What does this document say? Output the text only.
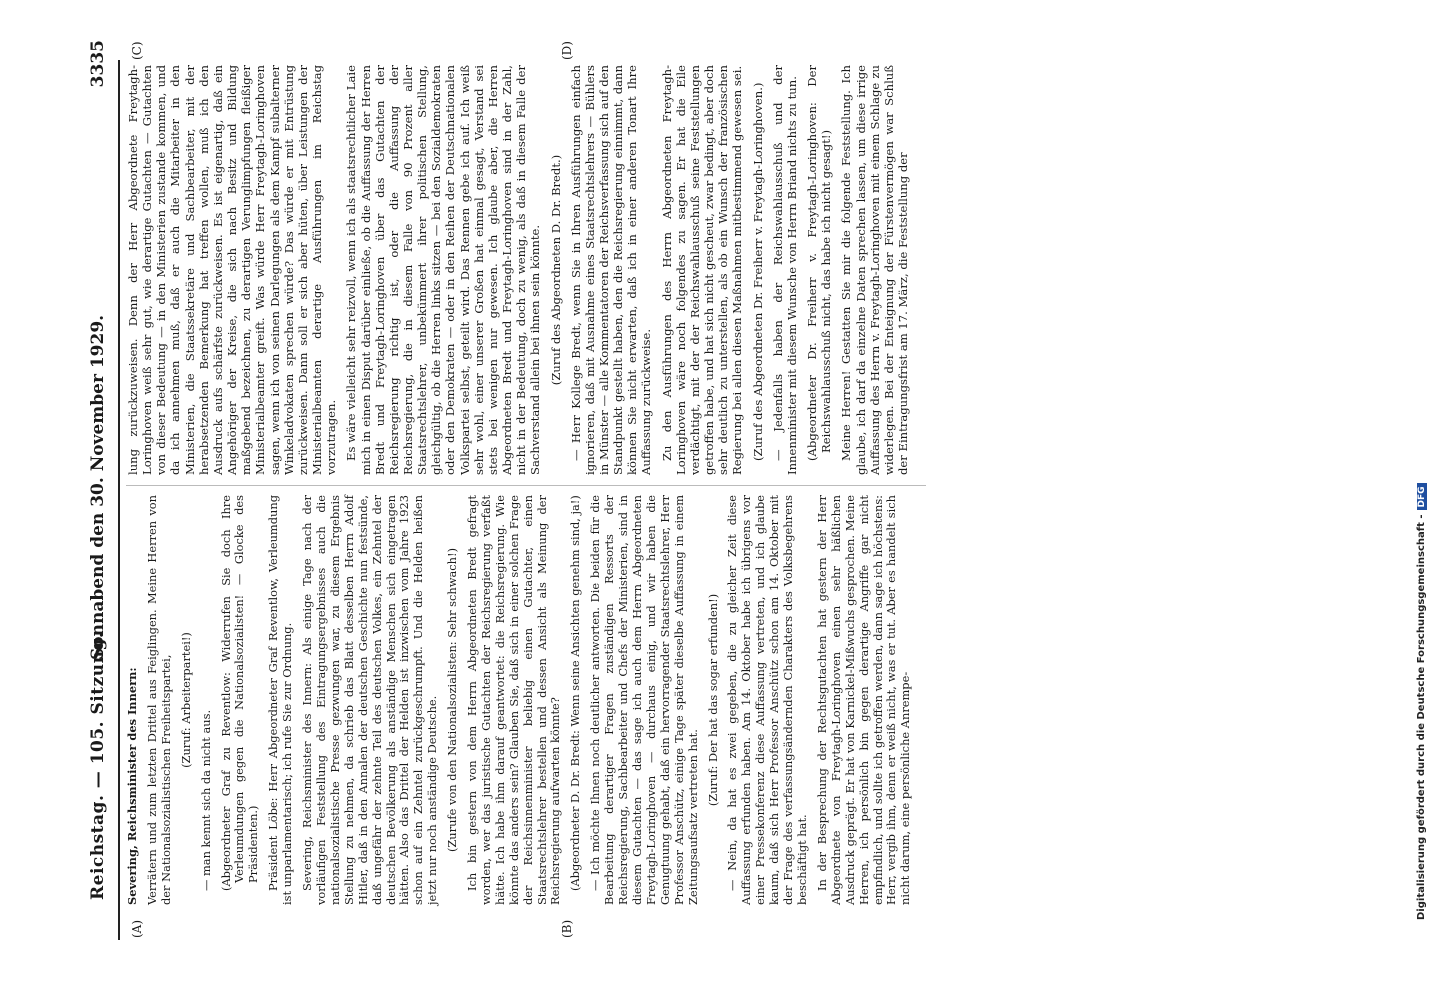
Reichstag. — 105. Sitzung.
Sonnabend den 30. November 1929.
3335
(A)	(B)
(C)	(D)

Severing, Reichsminister des Innern: Verrätern und zum letzten Drittel aus Feiglingen. Meine Herren von der Nationalsozialistischen Freiheitspartei, (Zuruf: Arbeiterpartei!)

— man kennt sich da nicht aus. (Abgeordneter Graf zu Reventlow: Widerrufen Sie doch Ihre Verleumdungen gegen die Nationalsozialisten! — Glocke des Präsidenten.) Präsident Löbe: Herr Abgeordneter Graf Reventlow, Verleumdung ist unparlamentarisch; ich rufe Sie zur Ordnung. Severing, Reichsminister des Innern: Als einige Tage nach der vorläufigen Feststellung des Eintragungsergebnisses auch die nationalsozialistische Presse gezwungen war, zu diesem Ergebnis Stellung zu nehmen, da schrieb das Blatt desselben Herrn Adolf Hitler, daß in den Annalen der deutschen Geschichte nun festsünde, daß ungefähr der zehnte Teil des deutschen Volkes, ein Zehntel der deutschen Bevölkerung als anständige Menschen sich eingetragen hätten. Also das Drittel der Helden ist inzwischen vom Jahre 1923 schon auf ein Zehntel zurückgeschrumpft. Und die Helden heißen jetzt nur noch anständige Deutsche. (Zurufe von den Nationalsozialisten: Sehr schwach!) Ich bin gestern von dem Herrn Abgeordneten Bredt gefragt worden, wer das juristische Gutachten der Reichsregierung verfaßt hätte. Ich habe ihm darauf geantwortet: die Reichsregierung. Wie könnte das anders sein? Glauben Sie, daß sich in einer solchen Frage der Reichsinnenminister beliebig einen Gutachter, einen Staatsrechtslehrer bestellen und dessen Ansicht als Meinung der Reichsregierung aufwarten könnte? (Abgeordneter D. Dr. Bredt: Wenn seine Ansichten genehm sind, ja!) — Ich möchte Ihnen noch deutlicher antworten. Die beiden für die Bearbeitung derartiger Fragen zuständigen Ressorts der Reichsregierung, Sachbearbeiter und Chefs der Ministerien, sind in diesem Gutachten — das sage ich auch dem Herrn Abgeordneten Freytagh-Loringhoven — durchaus einig, und wir haben die Genugtuung gehabt, daß ein hervorragender Staatsrechtslehrer, Herr Professor Anschütz, einige Tage später dieselbe Auffassung in einem Zeitungsaufsatz vertreten hat.

(Zuruf: Der hat das sogar erfunden!) — Nein, da hat es zwei gegeben, die zu gleicher Zeit diese Auffassung erfunden haben. Am 14. Oktober habe ich übrigens vor einer Pressekonferenz diese Auffassung vertreten, und ich glaube kaum, daß sich Herr Professor Anschütz schon am 14. Oktober mit der Frage des verfassungsändernden Charakters des Volksbegehrens beschäftigt hat. In der Besprechung der Rechtsgutachten hat gestern der Herr Abgeordnete von Freytagh-Loringhoven einen sehr häßlichen Ausdruck geprägt. Er hat von Karnickel-Mißwuchs gesprochen. Meine Herren, ich persönlich bin gegen derartige Angriffe gar nicht empfindlich, und sollte ich getroffen werden, dann sage ich höchstens: Herr, vergib ihm, denn er weiß nicht, was er tut. Aber es handelt sich nicht darum, eine persönliche Anrempe-

lung zurückzuweisen. Denn der Herr Abgeordnete Freytagh-Loringhoven weiß sehr gut, wie derartige Gutachten — Gutachten von dieser Bedeutung — in den Ministerien zustande kommen, und da ich annehmen muß, daß er auch die Mitarbeiter in den Ministerien, die Staatssekretäre und Sachbearbeiter, mit der herabsetzenden Bemerkung hat treffen wollen, muß ich den Ausdruck aufs schärfste zurückweisen. Es ist eigenartig, daß ein Angehöriger der Kreise, die sich nach Besitz und Bildung maßgebend bezeichnen, zu derartigen Verunglimpfungen fleißiger Ministerialbeamter greift. Was würde Herr Freytagh-Loringhoven sagen, wenn ich von seinen Darlegungen als dem Kampf subalterner Winkeladvokaten sprechen würde? Das würde er mit Entrüstung zurückweisen. Dann soll er sich aber hüten, über Leistungen der Ministerialbeamten derartige Ausführungen im Reichstag vorzutragen. Es wäre vielleicht sehr reizvoll, wenn ich als staatsrechtlicher Laie mich in einen Disput darüber einließe, ob die Auffassung der Herren Bredt und Freytagh-Loringhoven über das Gutachten der Reichsregierung richtig ist, oder die Auffassung der Reichsregierung, die in diesem Falle von 90 Prozent aller Staatsrechtslehrer, unbekümmert ihrer politischen Stellung, gleichgültig, ob die Herren links sitzen — bei den Sozialdemokraten oder den Demokraten — oder in den Reihen der Deutschnationalen Volkspartei selbst, geteilt wird. Das Rennen gebe ich auf. Ich weiß sehr wohl, einer unserer Großen hat einmal gesagt, Verstand sei stets bei wenigen nur gewesen. Ich glaube aber, die Herren Abgeordneten Bredt und Freytagh-Loringhoven sind in der Zahl, nicht in der Bedeutung, doch zu wenig, als daß in diesem Falle der Sachverstand allein bei ihnen sein könnte. (Zuruf des Abgeordneten D. Dr. Bredt.) — Herr Kollege Bredt, wenn Sie in Ihren Ausführungen einfach ignorieren, daß mit Ausnahme eines Staatsrechtslehrers — Bühlers in Münster — alle Kommentatoren der Reichsverfassung sich auf den Standpunkt gestellt haben, den die Reichsregierung einnimmt, dann können Sie nicht erwarten, daß ich in einer anderen Tonart Ihre Auffassung zurückweise. Zu den Ausführungen des Herrn Abgeordneten Freytagh-Loringhoven wäre noch folgendes zu sagen. Er hat die Eile verdächtigt, mit der der Reichswahlausschuß seine Feststellungen getroffen habe, und hat sich nicht gescheut, zwar bedingt, aber doch sehr deutlich zu unterstellen, als ob ein Wunsch der französischen Regierung bei allen diesen Maßnahmen mitbestimmend gewesen sei. (Zuruf des Abgeordneten Dr. Freiherr v. Freytagh-Loringhoven.) — Jedenfalls haben der Reichswahlausschuß und der Innenminister mit diesem Wunsche von Herrn Briand nichts zu tun. (Abgeordneter Dr. Freiherr v. Freytagh-Loringhoven: Der Reichswahlausschuß nicht, das habe ich nicht gesagt!) Meine Herren! Gestatten Sie mir die folgende Feststellung. Ich glaube, ich darf da einzelne Daten sprechen lassen, um diese irrige Auffassung des Herrn v. Freytagh-Loringhoven mit einem Schlage zu widerlegen. Bei der Enteignung der Fürstenvermögen war Schluß der Eintragungsfrist am 17. März, die Feststellung der

Digitalisierung gefördert durch die Deutsche Forschungsgemeinschaft -DFG
